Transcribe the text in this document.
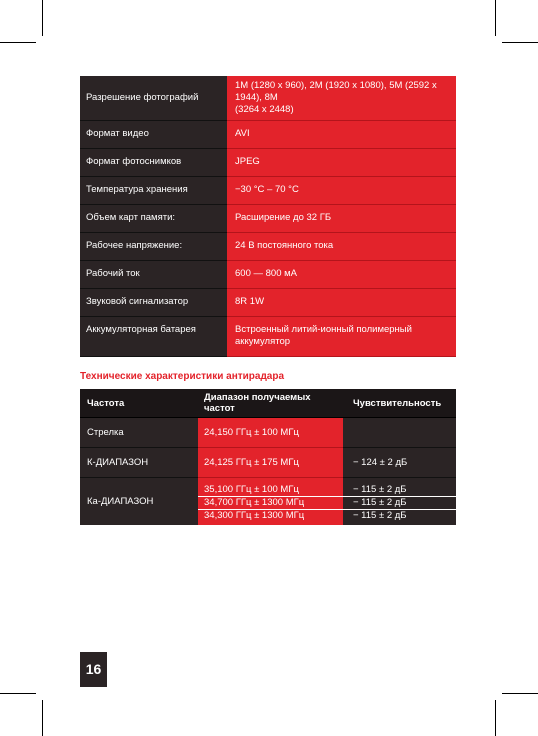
Разрешение фотографий	1M (1280 x 960), 2M (1920 x 1080), 5M (2592 x 1944), 8M
(3264 x 2448)

Формат видео	AVI
Формат фотоснимков	JPEG
Температура хранения	−30 °C – 70 °C
Объем карт памяти:	Расширение до 32 ГБ
Рабочее напряжение:	24 В постоянного тока
Рабочий ток	600 — 800 мА
Звуковой сигнализатор	8R 1W
Аккумуляторная батарея	Встроенный литий-ионный полимерный аккумулятор
Технические характеристики антирадара
Частота	Диапазон получаемых частот	Чувствительность
Стрелка	24,150 ГГц ± 100 МГц	
К-ДИАПАЗОН	24,125 ГГц ± 175 МГц	− 124 ± 2 дБ
Ка-ДИАПАЗОН	35,100 ГГц ± 100 МГц	− 115 ± 2 дБ
	34,700 ГГц ± 1300 МГц	− 115 ± 2 дБ
	34,300 ГГц ± 1300 МГц	− 115 ± 2 дБ
16
